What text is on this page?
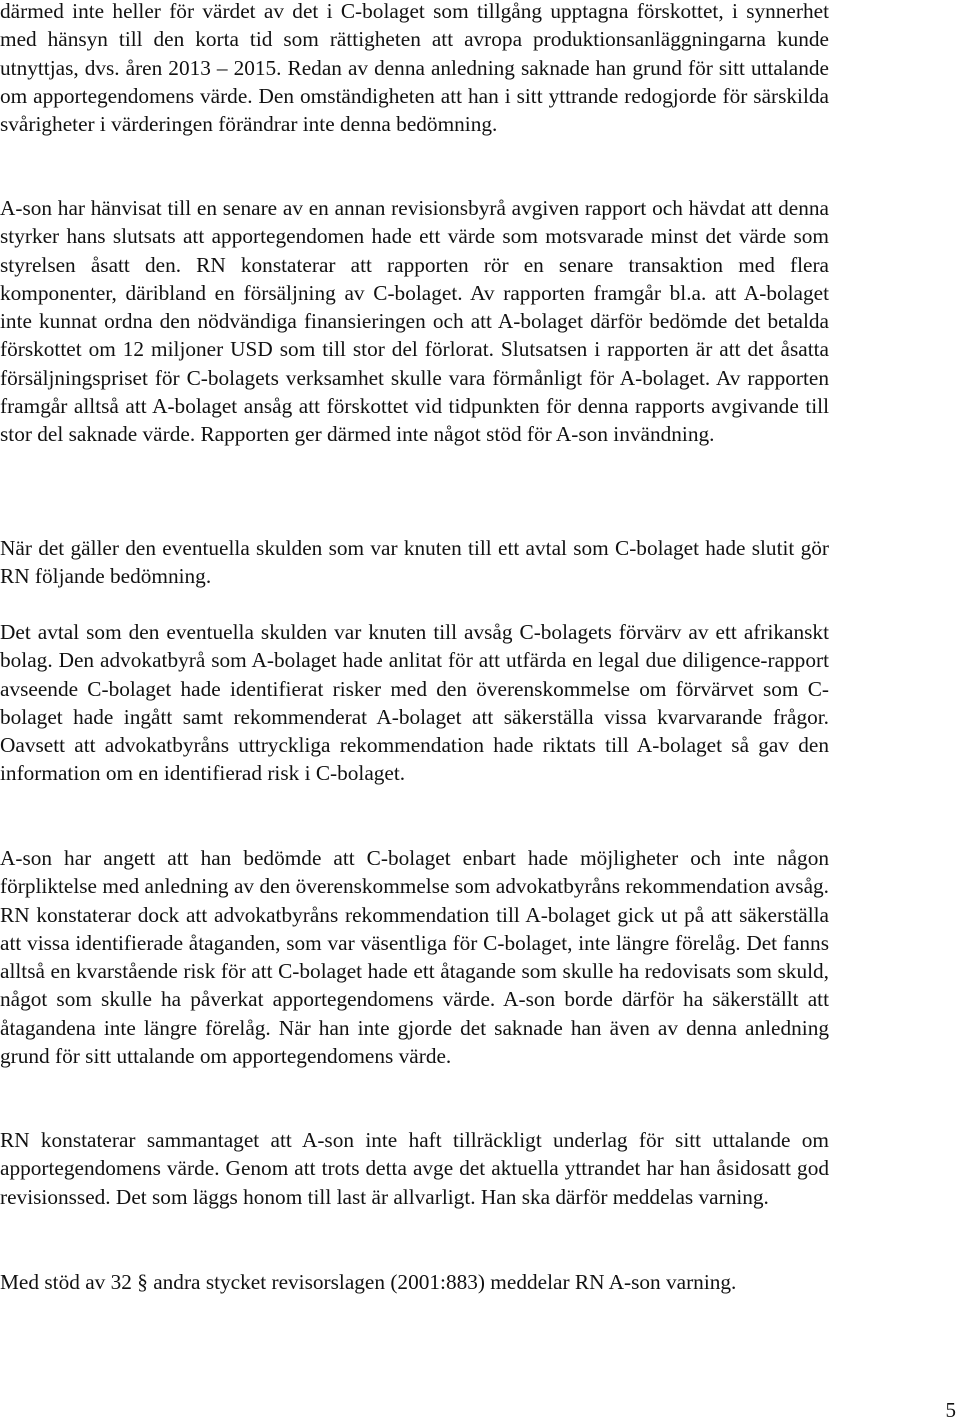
därmed inte heller för värdet av det i C-bolaget som tillgång upptagna förskottet, i synnerhet med hänsyn till den korta tid som rättigheten att avropa produktionsanläggningarna kunde utnyttjas, dvs. åren 2013 – 2015. Redan av denna anledning saknade han grund för sitt uttalande om apportegendomens värde. Den omständigheten att han i sitt yttrande redogjorde för särskilda svårigheter i värderingen förändrar inte denna bedömning.

A-son har hänvisat till en senare av en annan revisionsbyrå avgiven rapport och hävdat att denna styrker hans slutsats att apportegendomen hade ett värde som motsvarade minst det värde som styrelsen åsatt den. RN konstaterar att rapporten rör en senare transaktion med flera komponenter, däribland en försäljning av C-bolaget. Av rapporten framgår bl.a. att A-bolaget inte kunnat ordna den nödvändiga finansieringen och att A-bolaget därför bedömde det betalda förskottet om 12 miljoner USD som till stor del förlorat. Slutsatsen i rapporten är att det åsatta försäljningspriset för C-bolagets verksamhet skulle vara förmånligt för A-bolaget. Av rapporten framgår alltså att A-bolaget ansåg att förskottet vid tidpunkten för denna rapports avgivande till stor del saknade värde. Rapporten ger därmed inte något stöd för A-son invändning.

När det gäller den eventuella skulden som var knuten till ett avtal som C-bolaget hade slutit gör RN följande bedömning.

Det avtal som den eventuella skulden var knuten till avsåg C-bolagets förvärv av ett afrikanskt bolag. Den advokatbyrå som A-bolaget hade anlitat för att utfärda en legal due diligence-rapport avseende C-bolaget hade identifierat risker med den överenskommelse om förvärvet som C-bolaget hade ingått samt rekommenderat A-bolaget att säkerställa vissa kvarvarande frågor. Oavsett att advokatbyråns uttryckliga rekommendation hade riktats till A-bolaget så gav den information om en identifierad risk i C-bolaget.

A-son har angett att han bedömde att C-bolaget enbart hade möjligheter och inte någon förpliktelse med anledning av den överenskommelse som advokatbyråns rekommendation avsåg. RN konstaterar dock att advokatbyråns rekommendation till A-bolaget gick ut på att säkerställa att vissa identifierade åtaganden, som var väsentliga för C-bolaget, inte längre förelåg. Det fanns alltså en kvarstående risk för att C-bolaget hade ett åtagande som skulle ha redovisats som skuld, något som skulle ha påverkat apportegendomens värde. A-son borde därför ha säkerställt att åtagandena inte längre förelåg. När han inte gjorde det saknade han även av denna anledning grund för sitt uttalande om apportegendomens värde.

RN konstaterar sammantaget att A-son inte haft tillräckligt underlag för sitt uttalande om apportegendomens värde. Genom att trots detta avge det aktuella yttrandet har han åsidosatt god revisionssed. Det som läggs honom till last är allvarligt. Han ska därför meddelas varning.

Med stöd av 32 § andra stycket revisorslagen (2001:883) meddelar RN A-son varning.

5
